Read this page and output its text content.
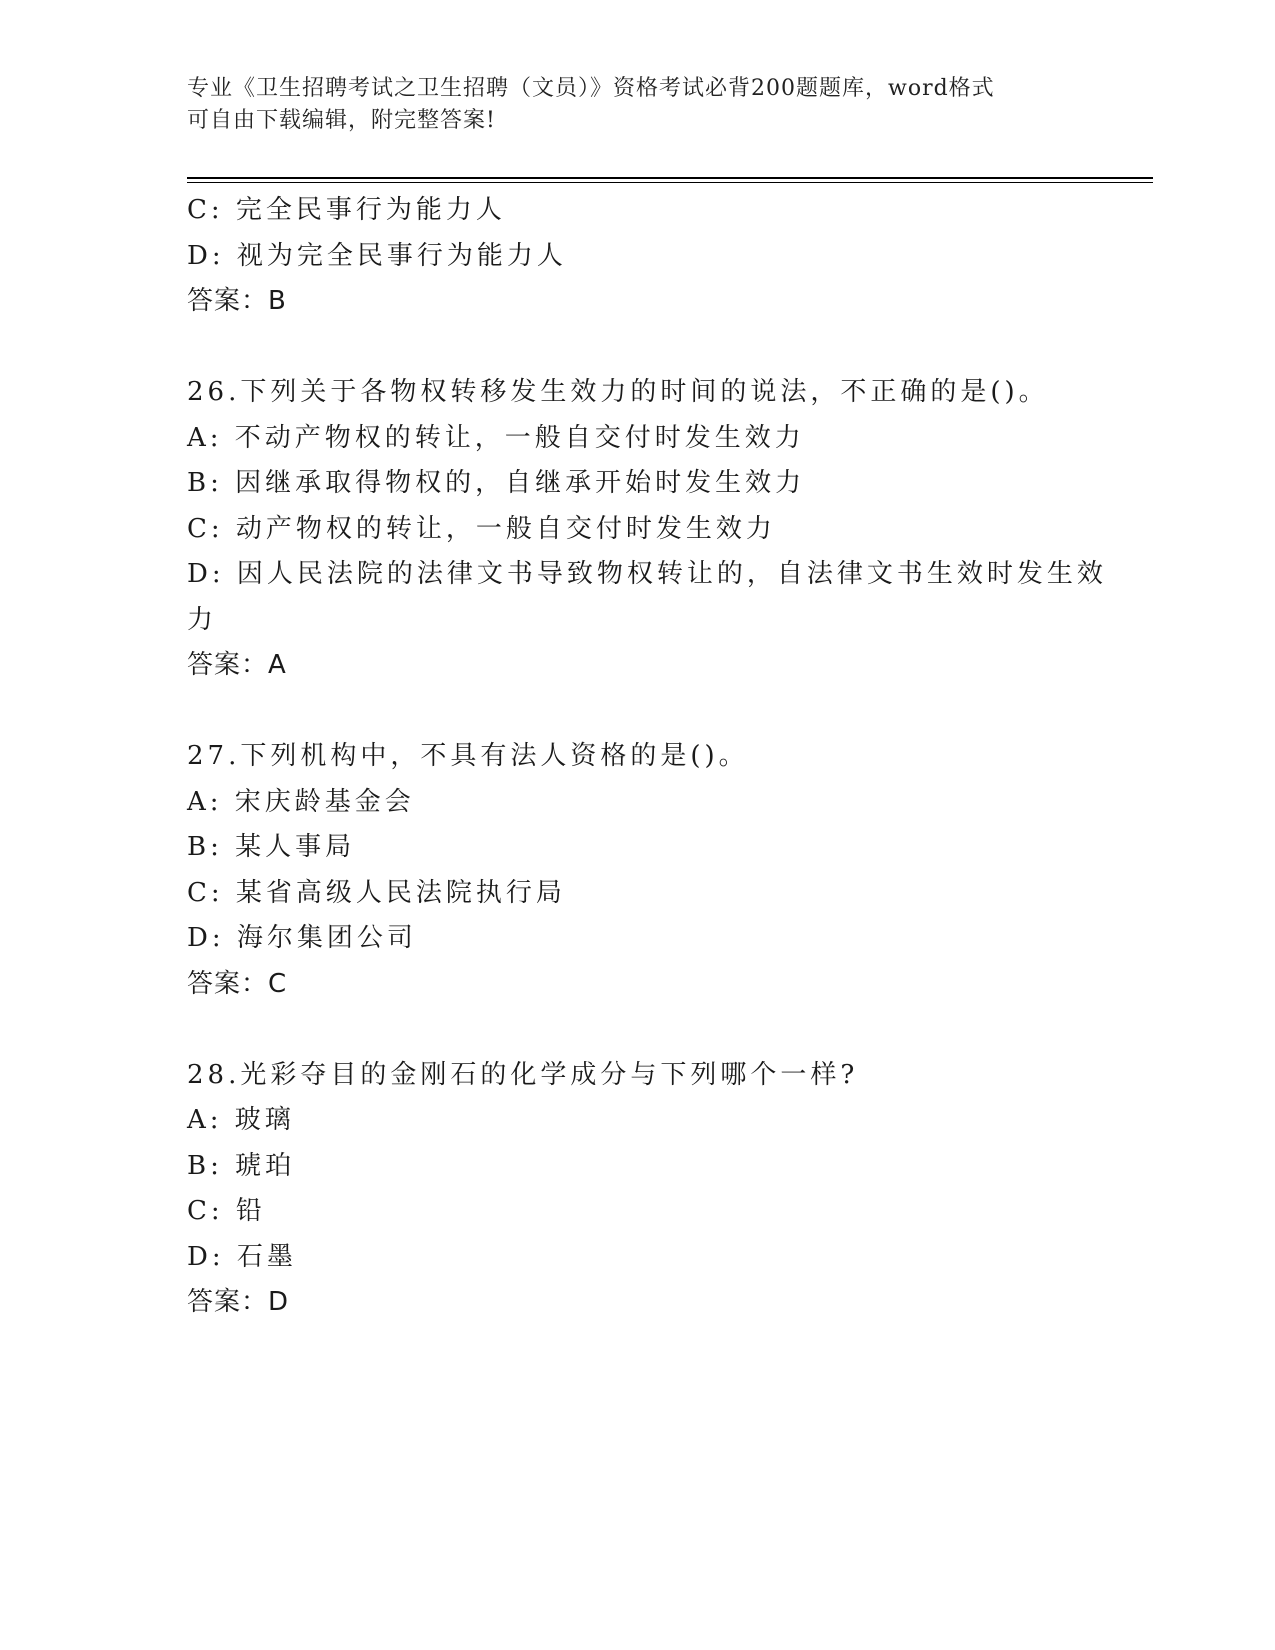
专业《卫生招聘考试之卫生招聘（文员）》资格考试必背200题题库，word格式
可自由下载编辑，附完整答案!
C: 完全民事行为能力人
D: 视为完全民事行为能力人
答案：B
26.下列关于各物权转移发生效力的时间的说法，不正确的是()。
A: 不动产物权的转让，一般自交付时发生效力
B: 因继承取得物权的，自继承开始时发生效力
C: 动产物权的转让，一般自交付时发生效力
D: 因人民法院的法律文书导致物权转让的，自法律文书生效时发生效
力
答案：A
27.下列机构中，不具有法人资格的是()。
A: 宋庆龄基金会
B: 某人事局
C: 某省高级人民法院执行局
D: 海尔集团公司
答案：C
28.光彩夺目的金刚石的化学成分与下列哪个一样?
A: 玻璃
B: 琥珀
C: 铅
D: 石墨
答案：D
